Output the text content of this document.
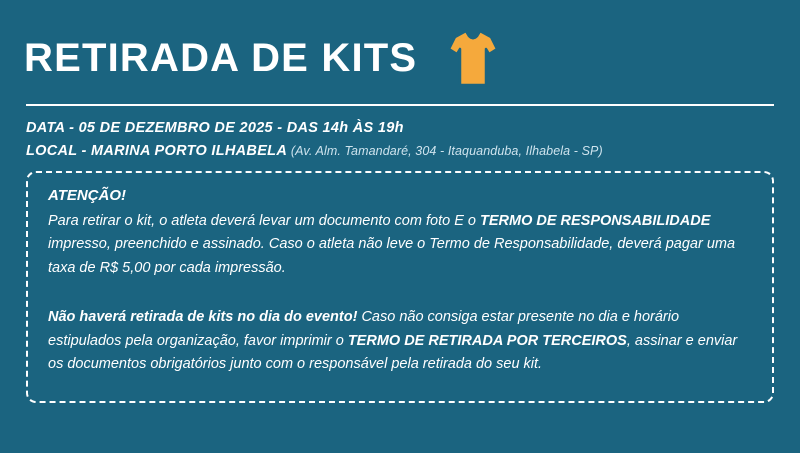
RETIRADA DE KITS
DATA - 05 DE DEZEMBRO DE 2025 - DAS 14h ÀS 19h
LOCAL - MARINA PORTO ILHABELA (Av. Alm. Tamandaré, 304 - Itaquanduba, Ilhabela - SP)
ATENÇÃO!

Para retirar o kit, o atleta deverá levar um documento com foto E o TERMO DE RESPONSABILIDADE impresso, preenchido e assinado. Caso o atleta não leve o Termo de Responsabilidade, deverá pagar uma taxa de R$ 5,00 por cada impressão.

Não haverá retirada de kits no dia do evento! Caso não consiga estar presente no dia e horário estipulados pela organização, favor imprimir o TERMO DE RETIRADA POR TERCEIROS, assinar e enviar os documentos obrigatórios junto com o responsável pela retirada do seu kit.
